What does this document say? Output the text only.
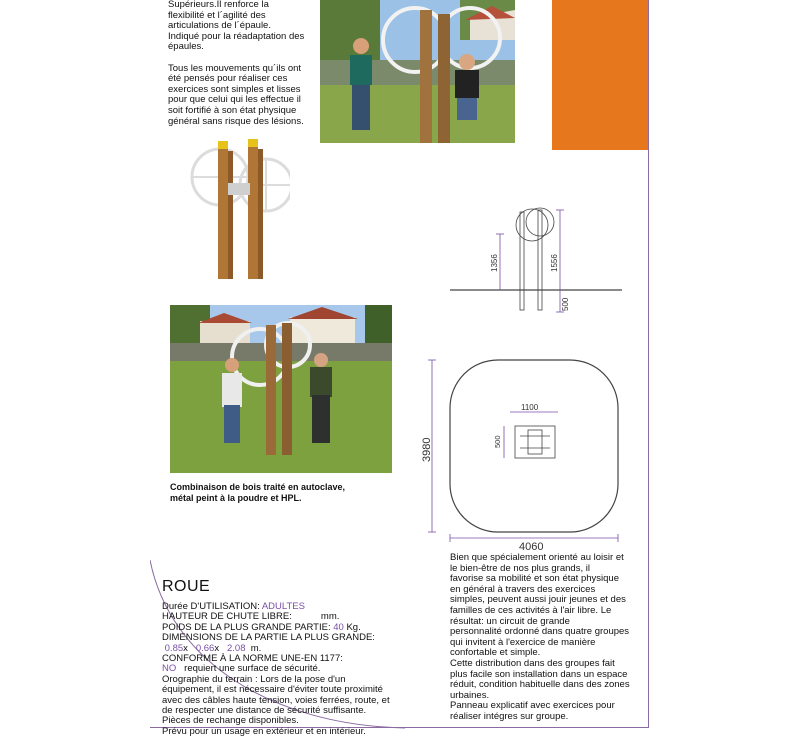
Supérieurs.Il renforce la
flexibilité et l´agilité des
articulations de l´épaule.
Indiqué pour la réadaptation des
épaules.

Tous les mouvements qu´ils ont
été pensés pour réaliser ces
exercices sont simples et lisses
pour que celui qui les effectue il
soit fortifié à son état physique
général sans risque des lésions.
1356	1556
500
Combinaison de bois traité en autoclave,
métal peint à la poudre et HPL.
1100
500
3980
4060
ROUE
Durée D'UTILISATION: ADULTES
HAUTEUR DE CHUTE LIBRE:	mm.
POIDS DE LA PLUS GRANDE PARTIE: 40 Kg.
DIMENSIONS DE LA PARTIE LA PLUS GRANDE:
0.85x 0.66x 2.08 m.
CONFORME À LA NORME UNE-EN 1177:
NO requiert une surface de sécurité.
Orographie du terrain : Lors de la pose d'un
équipement, il est nécessaire d'éviter toute proximité
avec des câbles haute tension, voies ferrées, route, et
de respecter une distance de sécurité suffisante.
Pièces de rechange disponibles.
Prévu pour un usage en extérieur et en intérieur.
Bien que spécialement orienté au loisir et
le bien-être de nos plus grands, il
favorise sa mobilité et son état physique
en général à travers des exercices
simples, peuvent aussi jouir jeunes et des
familles de ces activités à l'air libre. Le
résultat: un circuit de grande
personnalité ordonné dans quatre groupes
qui invitent à l'exercice de manière
confortable et simple.
Cette distribution dans des groupes fait
plus facile son installation dans un espace
réduit, condition habituelle dans des zones
urbaines.
Panneau explicatif avec exercices pour
réaliser intégres sur groupe.
